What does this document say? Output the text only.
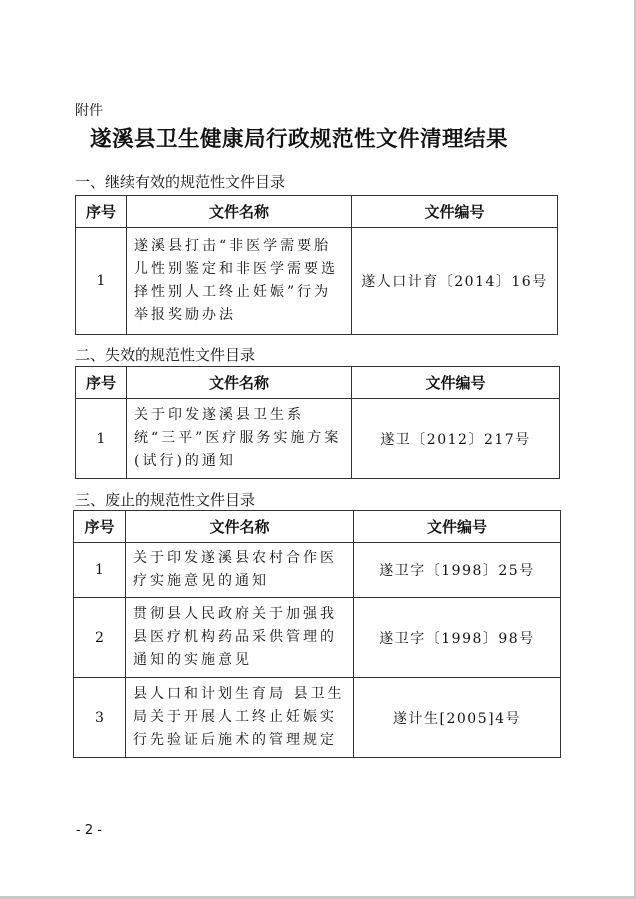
附件
遂溪县卫生健康局行政规范性文件清理结果
一、继续有效的规范性文件目录
序号	文件名称	文件编号
1	遂溪县打击“非医学需要胎儿性别鉴定和非医学需要选择性别人工终止妊娠”行为举报奖励办法	遂人口计育〔2014〕16号
二、失效的规范性文件目录
序号	文件名称	文件编号
1	关于印发遂溪县卫生系统“三平”医疗服务实施方案(试行)的通知	遂卫〔2012〕217号
三、废止的规范性文件目录
序号	文件名称	文件编号
1	关于印发遂溪县农村合作医疗实施意见的通知	遂卫字〔1998〕25号
2	贯彻县人民政府关于加强我县医疗机构药品采供管理的通知的实施意见	遂卫字〔1998〕98号
3	县人口和计划生育局 县卫生局关于开展人工终止妊娠实行先验证后施术的管理规定	遂计生[2005]4号
- 2 -
